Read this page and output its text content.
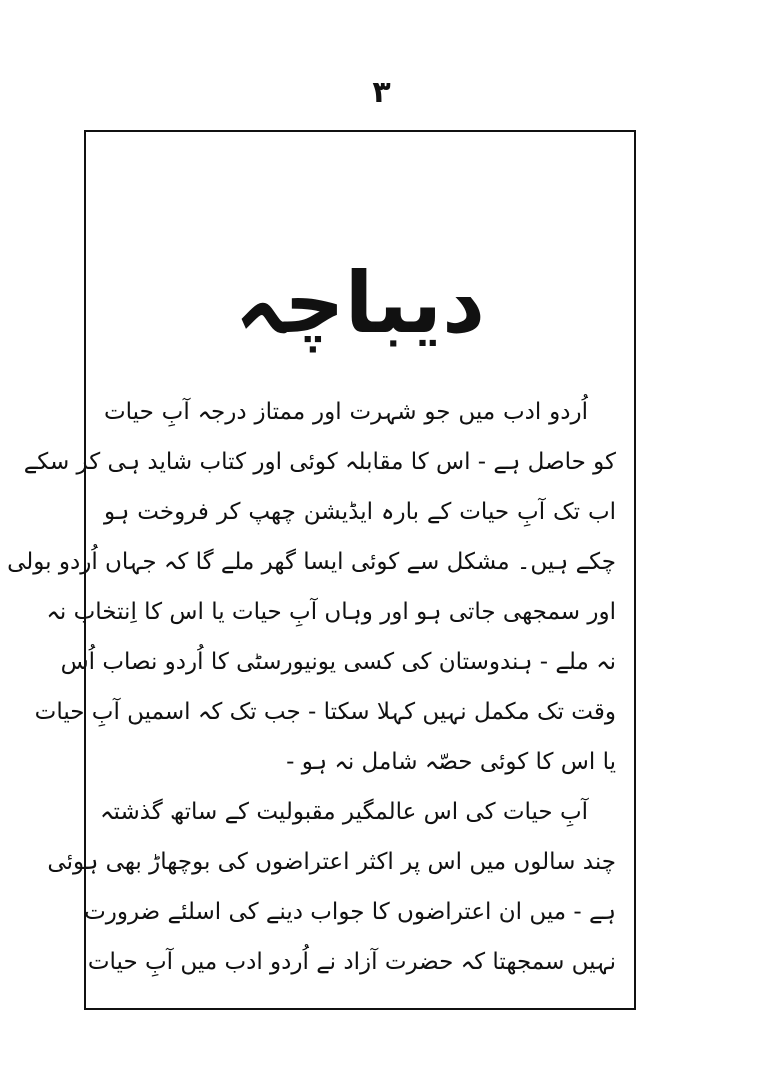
۳
دیباچہ
اُردو ادب میں جو شہرت اور ممتاز درجہ آبِ حیات
کو حاصل ہے - اس کا مقابلہ کوئی اور کتاب شاید ہی کر سکے
اب تک آبِ حیات کے بارہ ایڈیشن چھپ کر فروخت ہو
چکے ہیں۔ مشکل سے کوئی ایسا گھر ملے گا کہ جہاں اُردو بولی
اور سمجھی جاتی ہو اور وہاں آبِ حیات یا اس کا اِنتخاب نہ
نہ ملے - ہندوستان کی کسی یونیورسٹی کا اُردو نصاب اُس
وقت تک مکمل نہیں کہلا سکتا - جب تک کہ اسمیں آبِ حیات
یا اس کا کوئی حصّہ شامل نہ ہو -
آبِ حیات کی اس عالمگیر مقبولیت کے ساتھ گذشتہ
چند سالوں میں اس پر اکثر اعتراضوں کی بوچھاڑ بھی ہوئی
ہے - میں ان اعتراضوں کا جواب دینے کی اسلئے ضرورت
نہیں سمجھتا کہ حضرت آزاد نے اُردو ادب میں آبِ حیات
